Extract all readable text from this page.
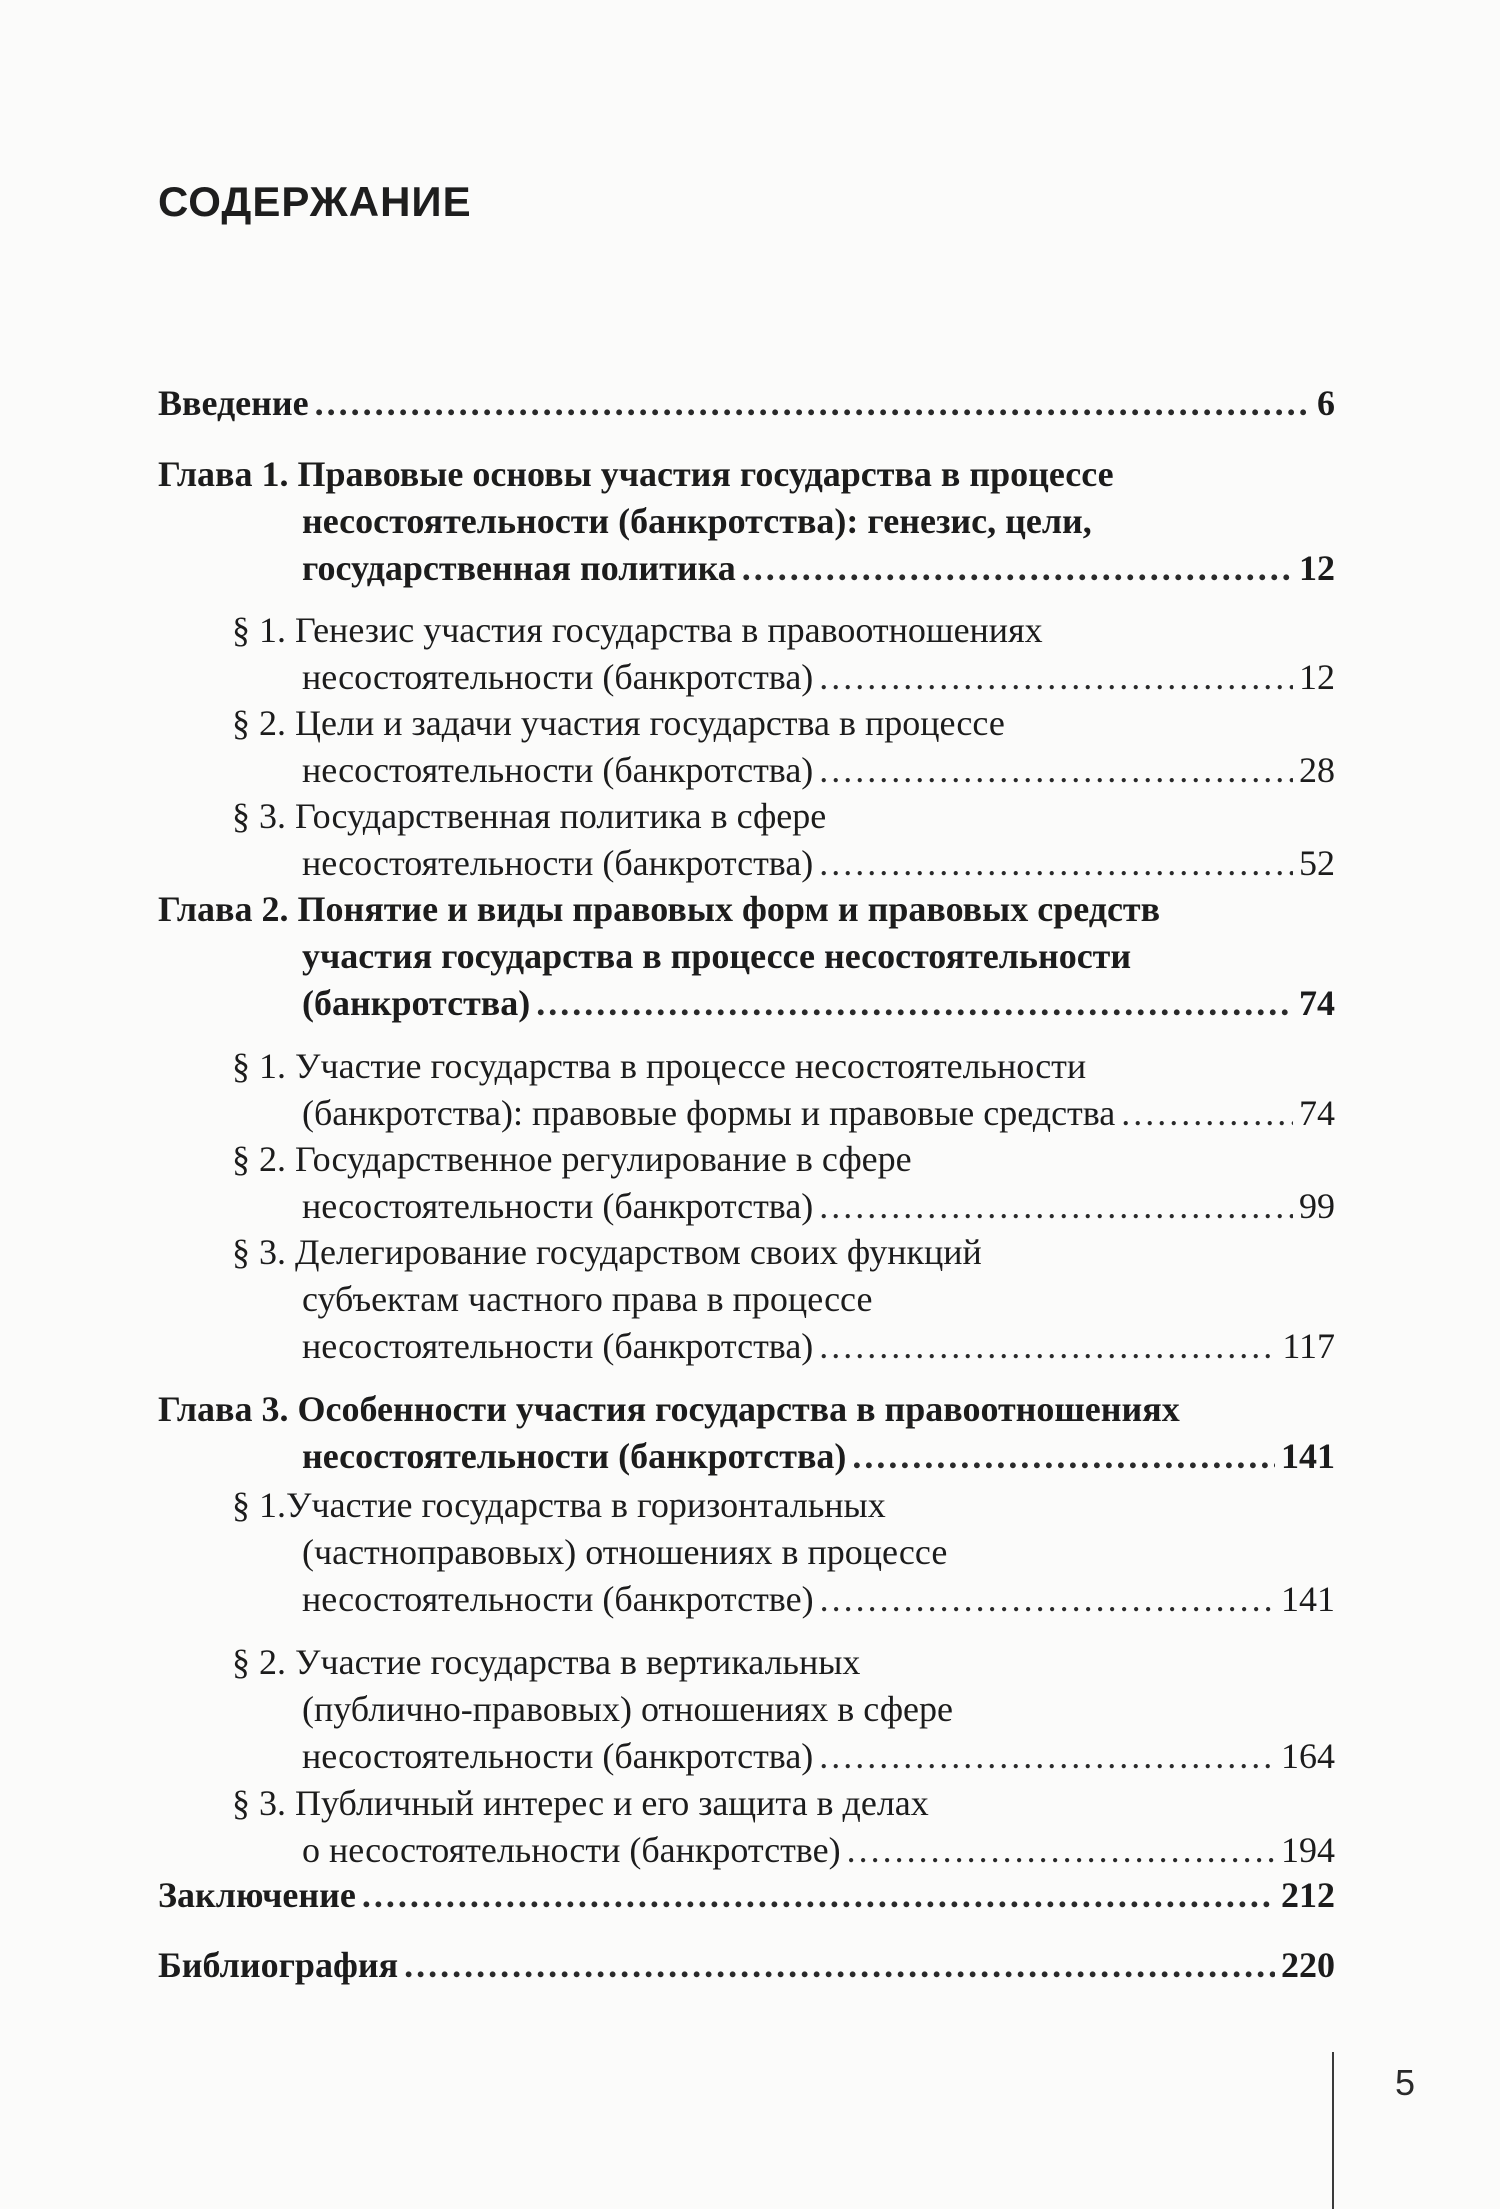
СОДЕРЖАНИЕ
Введение .....	6
Глава 1. Правовые основы участия государства в процессе
несостоятельности (банкротства): генезис, цели,
государственная политика .....	12
§ 1. Генезис участия государства в правоотношениях
несостоятельности (банкротства) .....	12
§ 2. Цели и задачи участия государства в процессе
несостоятельности (банкротства) .....	28
§ 3. Государственная политика в сфере
несостоятельности (банкротства) .....	52
Глава 2. Понятие и виды правовых форм и правовых средств
участия государства в процессе несостоятельности
(банкротства) .....	74
§ 1. Участие государства в процессе несостоятельности
(банкротства): правовые формы и правовые средства .....	74
§ 2. Государственное регулирование в сфере
несостоятельности (банкротства) .....	99
§ 3. Делегирование государством своих функций
субъектам частного права в процессе
несостоятельности (банкротства) .....	117
Глава 3. Особенности участия государства в правоотношениях
несостоятельности (банкротства) .....	141
§ 1.Участие государства в горизонтальных
(частноправовых) отношениях в процессе
несостоятельности (банкротстве) .....	141
§ 2. Участие государства в вертикальных
(публично-правовых) отношениях в сфере
несостоятельности (банкротства) .....	164
§ 3. Публичный интерес и его защита в делах
о несостоятельности (банкротстве) .....	194
Заключение .....	212
Библиография .....	220
5
